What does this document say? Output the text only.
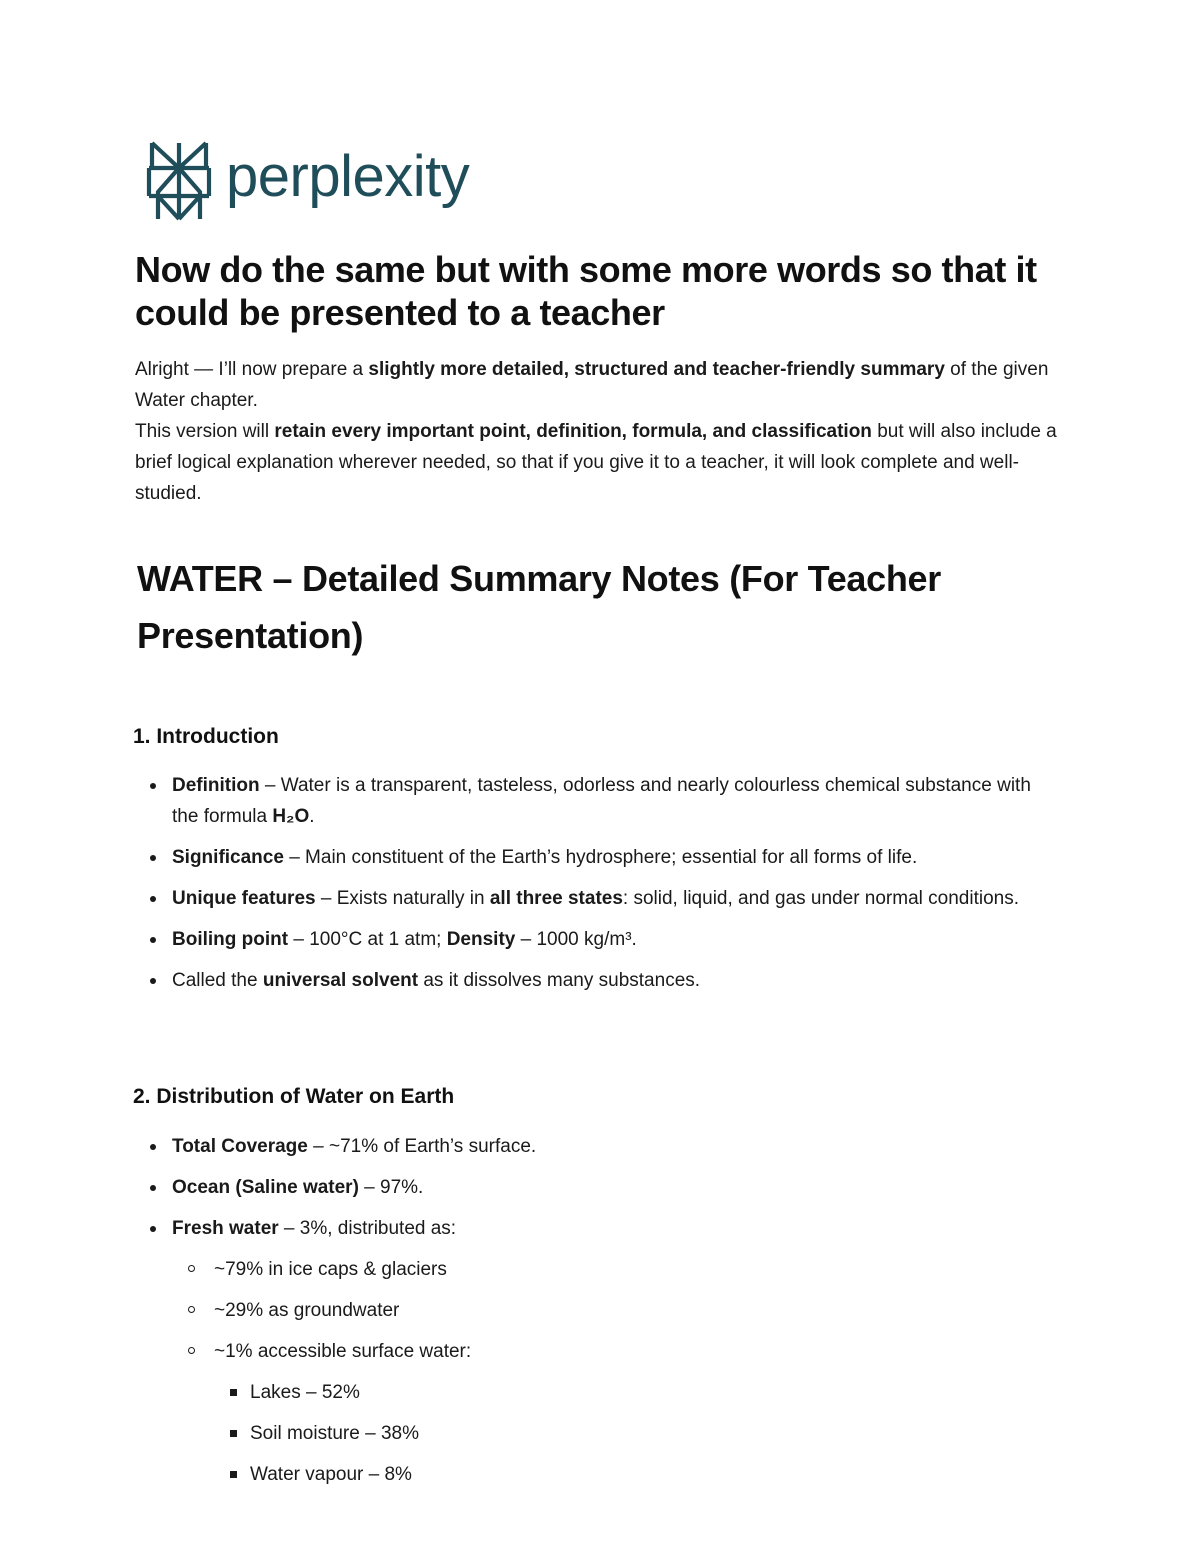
perplexity
Now do the same but with some more words so that it could be presented to a teacher

Alright — I’ll now prepare a slightly more detailed, structured and teacher-friendly summary of the given Water chapter.

This version will retain every important point, definition, formula, and classification but will also include a brief logical explanation wherever needed, so that if you give it to a teacher, it will look complete and well-studied.

WATER – Detailed Summary Notes (For Teacher Presentation)
1. Introduction
Definition – Water is a transparent, tasteless, odorless and nearly colourless chemical substance with the formula H₂O.
Significance – Main constituent of the Earth’s hydrosphere; essential for all forms of life.
Unique features – Exists naturally in all three states: solid, liquid, and gas under normal conditions.
Boiling point – 100°C at 1 atm; Density – 1000 kg/m³.
Called the universal solvent as it dissolves many substances.
2. Distribution of Water on Earth
Total Coverage – ~71% of Earth’s surface.
Ocean (Saline water) – 97%.
Fresh water – 3%, distributed as:
~79% in ice caps & glaciers
~29% as groundwater
~1% accessible surface water:
Lakes – 52%
Soil moisture – 38%
Water vapour – 8%
